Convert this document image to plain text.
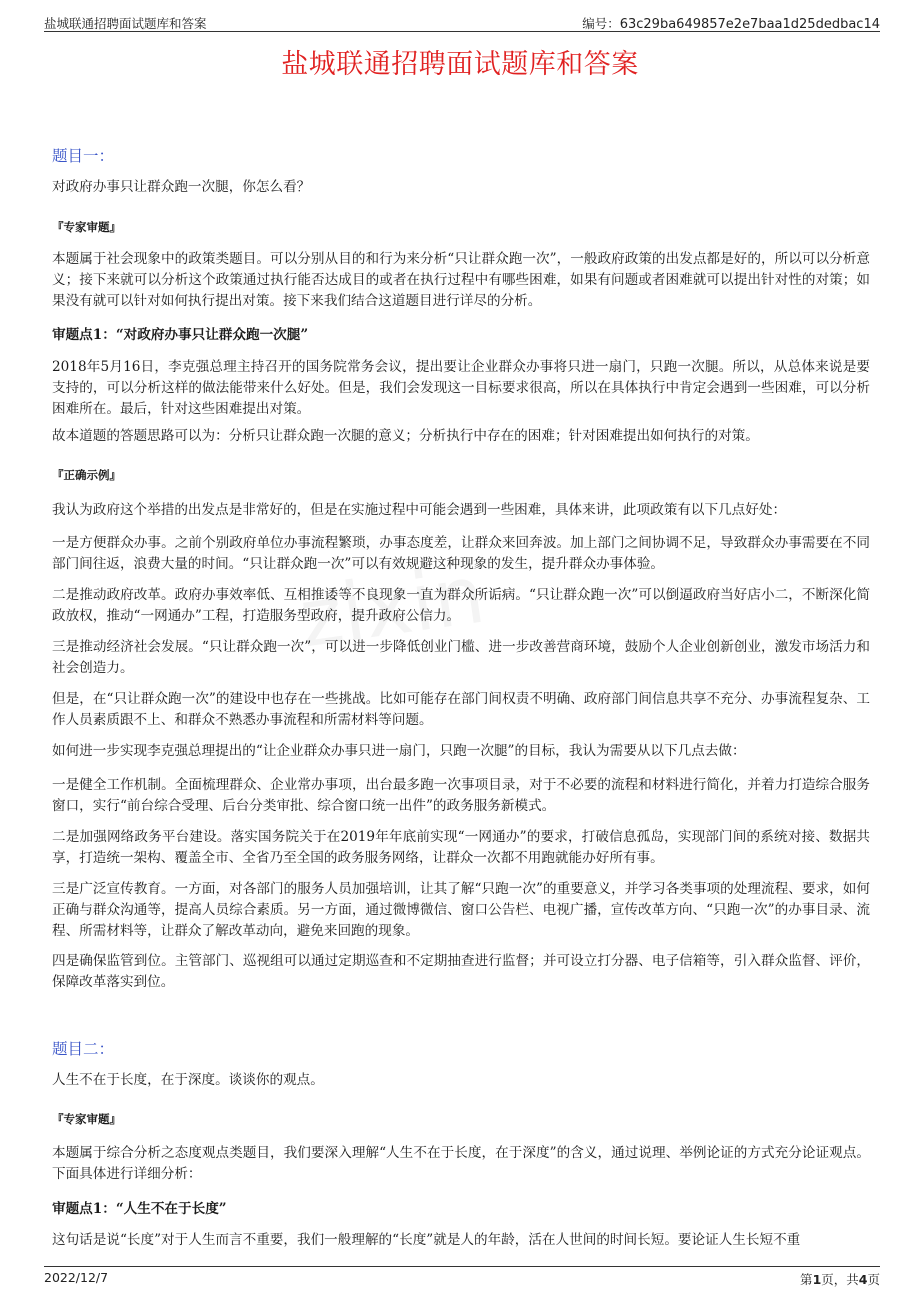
盐城联通招聘面试题库和答案	编号：63c29ba649857e2e7baa1d25dedbac14
盐城联通招聘面试题库和答案
题目一：

对政府办事只让群众跑一次腿，你怎么看？

『专家审题』

本题属于社会现象中的政策类题目。可以分别从目的和行为来分析“只让群众跑一次”，一般政府政策的出发点都是好的，所以可以分析意义；接下来就可以分析这个政策通过执行能否达成目的或者在执行过程中有哪些困难，如果有问题或者困难就可以提出针对性的对策；如果没有就可以针对如何执行提出对策。接下来我们结合这道题目进行详尽的分析。

审题点1：“对政府办事只让群众跑一次腿”

2018年5月16日，李克强总理主持召开的国务院常务会议，提出要让企业群众办事将只进一扇门，只跑一次腿。所以，从总体来说是要支持的，可以分析这样的做法能带来什么好处。但是，我们会发现这一目标要求很高，所以在具体执行中肯定会遇到一些困难，可以分析困难所在。最后，针对这些困难提出对策。

故本道题的答题思路可以为：分析只让群众跑一次腿的意义；分析执行中存在的困难；针对困难提出如何执行的对策。

『正确示例』

我认为政府这个举措的出发点是非常好的，但是在实施过程中可能会遇到一些困难，具体来讲，此项政策有以下几点好处：

一是方便群众办事。之前个别政府单位办事流程繁琐，办事态度差，让群众来回奔波。加上部门之间协调不足，导致群众办事需要在不同部门间往返，浪费大量的时间。“只让群众跑一次”可以有效规避这种现象的发生，提升群众办事体验。

二是推动政府改革。政府办事效率低、互相推诿等不良现象一直为群众所诟病。“只让群众跑一次”可以倒逼政府当好店小二，不断深化简政放权，推动“一网通办”工程，打造服务型政府，提升政府公信力。

三是推动经济社会发展。“只让群众跑一次”，可以进一步降低创业门槛、进一步改善营商环境，鼓励个人企业创新创业，激发市场活力和社会创造力。

但是，在“只让群众跑一次”的建设中也存在一些挑战。比如可能存在部门间权责不明确、政府部门间信息共享不充分、办事流程复杂、工作人员素质跟不上、和群众不熟悉办事流程和所需材料等问题。

如何进一步实现李克强总理提出的“让企业群众办事只进一扇门，只跑一次腿”的目标，我认为需要从以下几点去做：

一是健全工作机制。全面梳理群众、企业常办事项，出台最多跑一次事项目录，对于不必要的流程和材料进行简化，并着力打造综合服务窗口，实行“前台综合受理、后台分类审批、综合窗口统一出件”的政务服务新模式。

二是加强网络政务平台建设。落实国务院关于在2019年年底前实现“一网通办”的要求，打破信息孤岛，实现部门间的系统对接、数据共享，打造统一架构、覆盖全市、全省乃至全国的政务服务网络，让群众一次都不用跑就能办好所有事。

三是广泛宣传教育。一方面，对各部门的服务人员加强培训，让其了解“只跑一次”的重要意义，并学习各类事项的处理流程、要求，如何正确与群众沟通等，提高人员综合素质。另一方面，通过微博微信、窗口公告栏、电视广播，宣传改革方向、“只跑一次”的办事目录、流程、所需材料等，让群众了解改革动向，避免来回跑的现象。

四是确保监管到位。主管部门、巡视组可以通过定期巡查和不定期抽查进行监督；并可设立打分器、电子信箱等，引入群众监督、评价，保障改革落实到位。

题目二：

人生不在于长度，在于深度。谈谈你的观点。

『专家审题』

本题属于综合分析之态度观点类题目，我们要深入理解“人生不在于长度，在于深度”的含义，通过说理、举例论证的方式充分论证观点。下面具体进行详细分析：

审题点1：“人生不在于长度”

这句话是说“长度”对于人生而言不重要，我们一般理解的“长度”就是人的年龄，活在人世间的时间长短。要论证人生长短不重

2022/12/7	第1页，共4页
